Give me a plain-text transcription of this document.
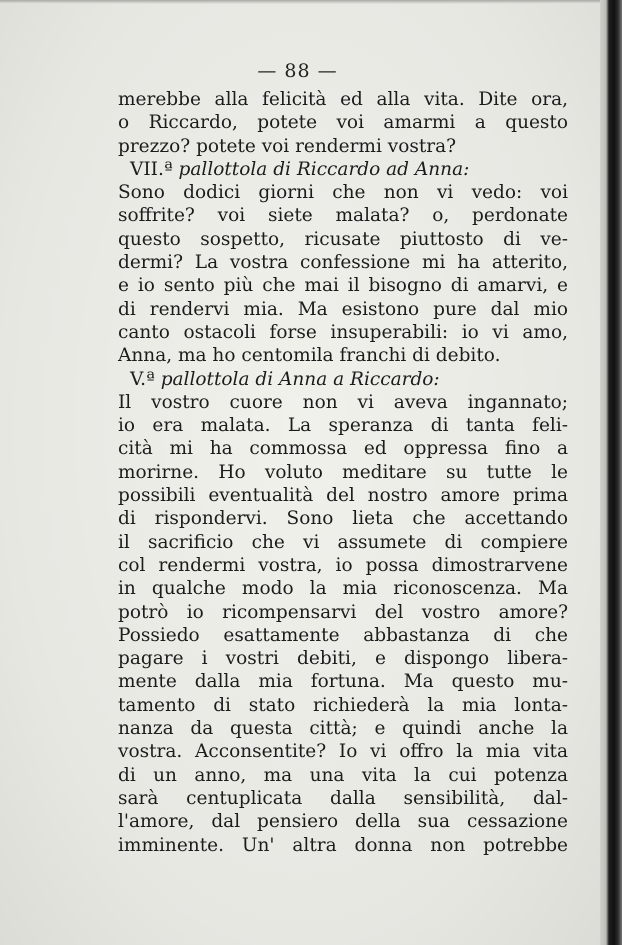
— 88 —
merebbe alla felicità ed alla vita. Dite ora,
o Riccardo, potete voi amarmi a questo
prezzo? potete voi rendermi vostra?
VII.ª pallottola di Riccardo ad Anna:
Sono dodici giorni che non vi vedo: voi
soffrite? voi siete malata? o, perdonate
questo sospetto, ricusate piuttosto di ve-
dermi? La vostra confessione mi ha atterito,
e io sento più che mai il bisogno di amarvi, e
di rendervi mia. Ma esistono pure dal mio
canto ostacoli forse insuperabili: io vi amo,
Anna, ma ho centomila franchi di debito.
V.ª pallottola di Anna a Riccardo:
Il vostro cuore non vi aveva ingannato;
io era malata. La speranza di tanta feli-
cità mi ha commossa ed oppressa fino a
morirne. Ho voluto meditare su tutte le
possibili eventualità del nostro amore prima
di rispondervi. Sono lieta che accettando
il sacrificio che vi assumete di compiere
col rendermi vostra, io possa dimostrarvene
in qualche modo la mia riconoscenza. Ma
potrò io ricompensarvi del vostro amore?
Possiedo esattamente abbastanza di che
pagare i vostri debiti, e dispongo libera-
mente dalla mia fortuna. Ma questo mu-
tamento di stato richiederà la mia lonta-
nanza da questa città; e quindi anche la
vostra. Acconsentite? Io vi offro la mia vita
di un anno, ma una vita la cui potenza
sarà centuplicata dalla sensibilità, dal-
l'amore, dal pensiero della sua cessazione
imminente. Un' altra donna non potrebbe
